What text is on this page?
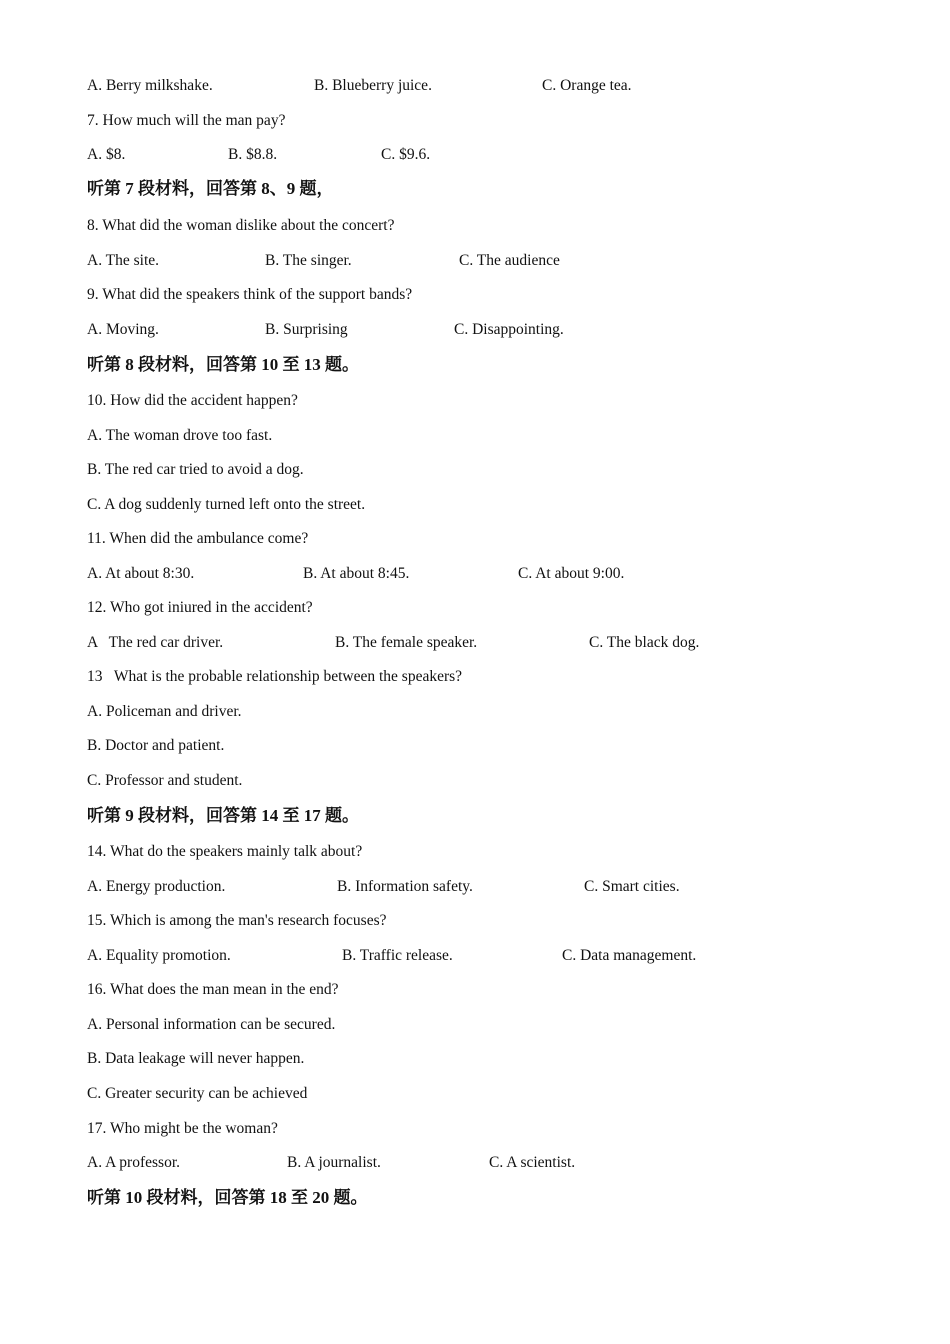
A. Berry milkshake.	B. Blueberry juice.	C. Orange tea.
7. How much will the man pay?
A. $8.	B. $8.8.	C. $9.6.
听第 7 段材料，回答第 8、9 题，
8. What did the woman dislike about the concert?
A. The site.	B. The singer.	C. The audience
9. What did the speakers think of the support bands?
A. Moving.	B. Surprising	C. Disappointing.
听第 8 段材料，回答第 10 至 13 题。
10. How did the accident happen?
A. The woman drove too fast.
B. The red car tried to avoid a dog.
C. A dog suddenly turned left onto the street.
11. When did the ambulance come?
A. At about 8:30.	B. At about 8:45.	C. At about 9:00.
12. Who got iniured in the accident?
A   The red car driver.	B. The female speaker.	C. The black dog.
13   What is the probable relationship between the speakers?
A. Policeman and driver.
B. Doctor and patient.
C. Professor and student.
听第 9 段材料，回答第 14 至 17 题。
14. What do the speakers mainly talk about?
A. Energy production.	B. Information safety.	C. Smart cities.
15. Which is among the man's research focuses?
A. Equality promotion.	B. Traffic release.	C. Data management.
16. What does the man mean in the end?
A. Personal information can be secured.
B. Data leakage will never happen.
C. Greater security can be achieved
17. Who might be the woman?
A. A professor.	B. A journalist.	C. A scientist.
听第 10 段材料，回答第 18 至 20 题。
